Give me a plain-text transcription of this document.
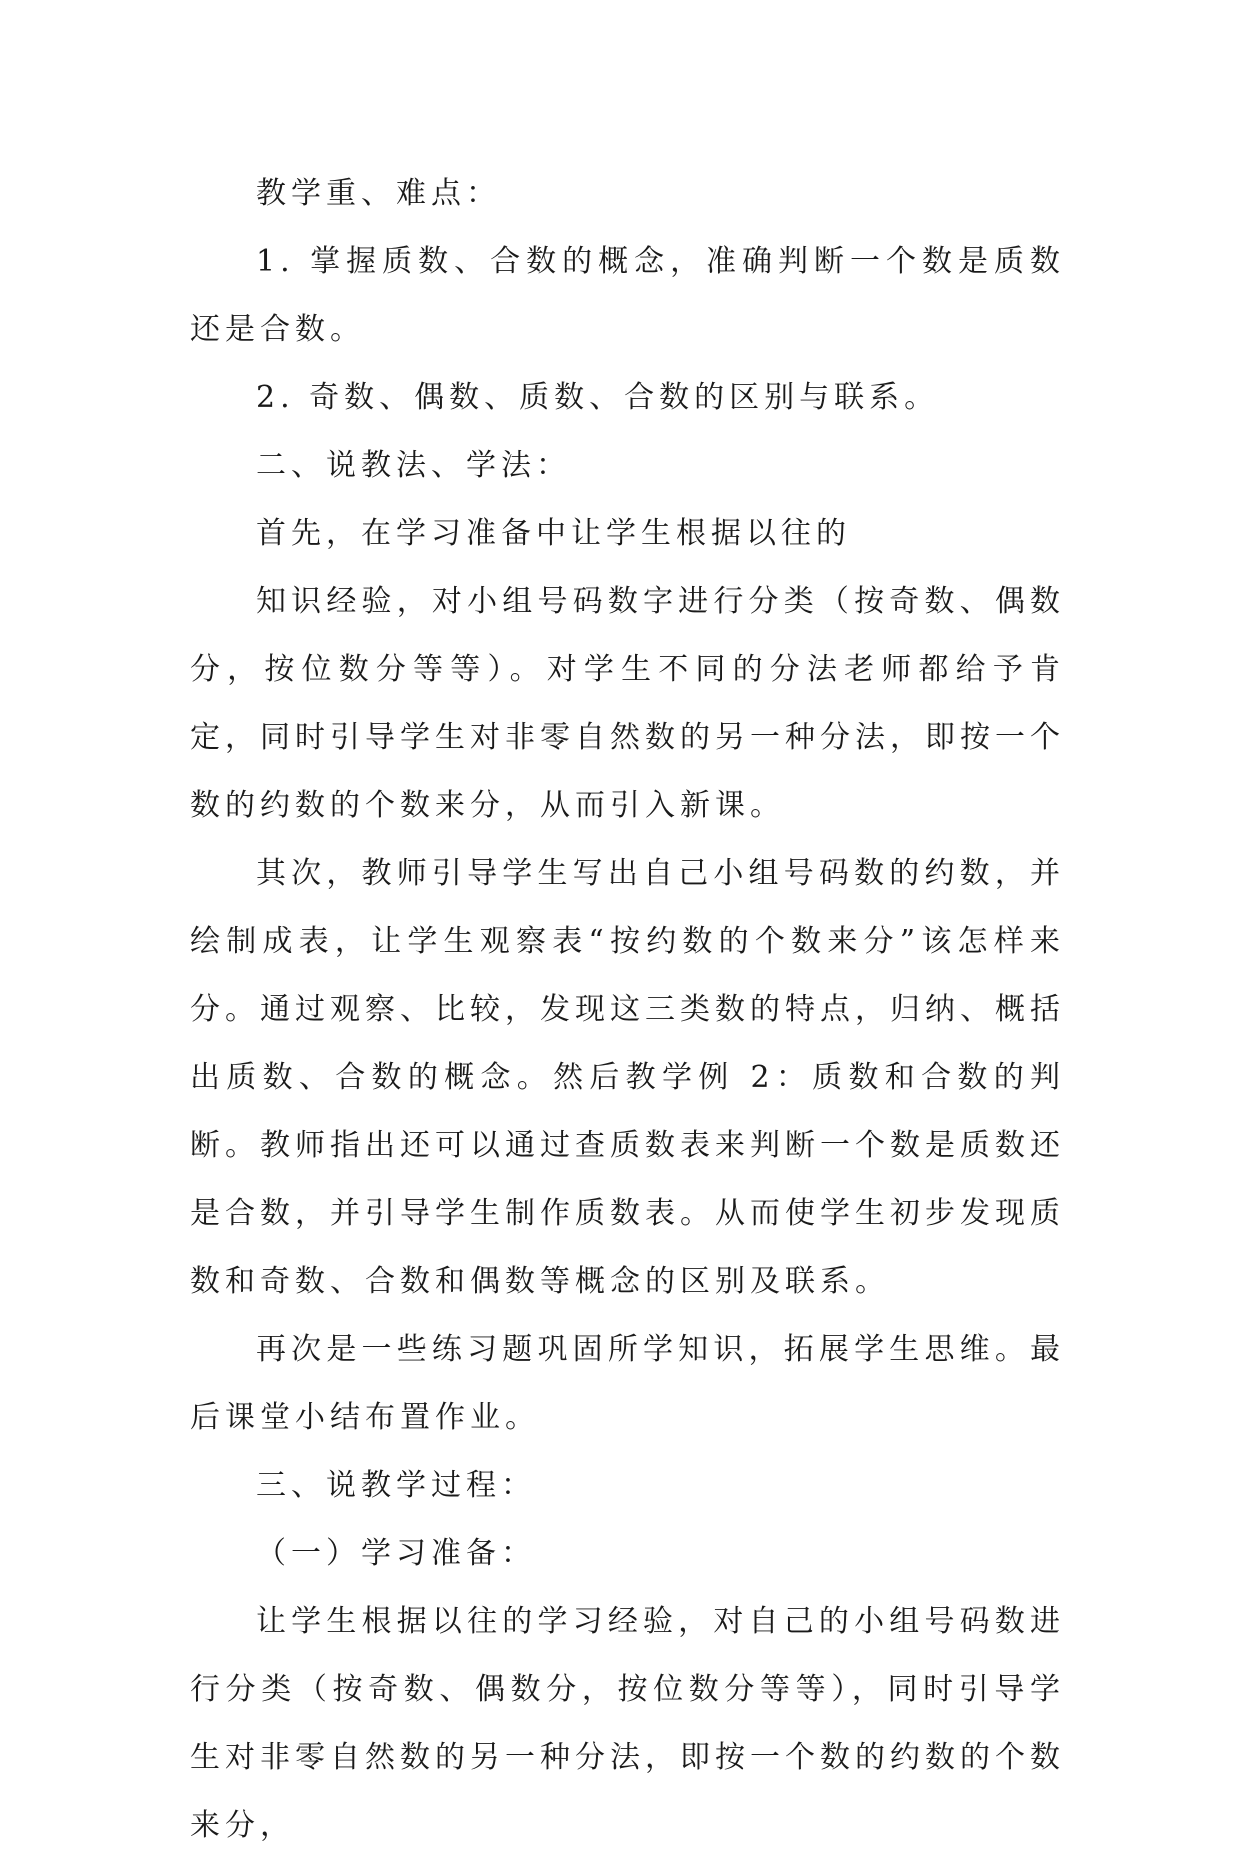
教学重、难点：

1. 掌握质数、合数的概念，准确判断一个数是质数还是合数。

2. 奇数、偶数、质数、合数的区别与联系。

二、说教法、学法：

首先，在学习准备中让学生根据以往的

知识经验，对小组号码数字进行分类（按奇数、偶数分，按位数分等等）。对学生不同的分法老师都给予肯定，同时引导学生对非零自然数的另一种分法，即按一个数的约数的个数来分，从而引入新课。

其次，教师引导学生写出自己小组号码数的约数，并绘制成表，让学生观察表“按约数的个数来分”该怎样来分。通过观察、比较，发现这三类数的特点，归纳、概括出质数、合数的概念。然后教学例 2：质数和合数的判断。教师指出还可以通过查质数表来判断一个数是质数还是合数，并引导学生制作质数表。从而使学生初步发现质数和奇数、合数和偶数等概念的区别及联系。

再次是一些练习题巩固所学知识，拓展学生思维。最后课堂小结布置作业。

三、说教学过程：

（一）学习准备：

让学生根据以往的学习经验，对自己的小组号码数进行分类（按奇数、偶数分，按位数分等等），同时引导学生对非零自然数的另一种分法，即按一个数的约数的个数来分，
